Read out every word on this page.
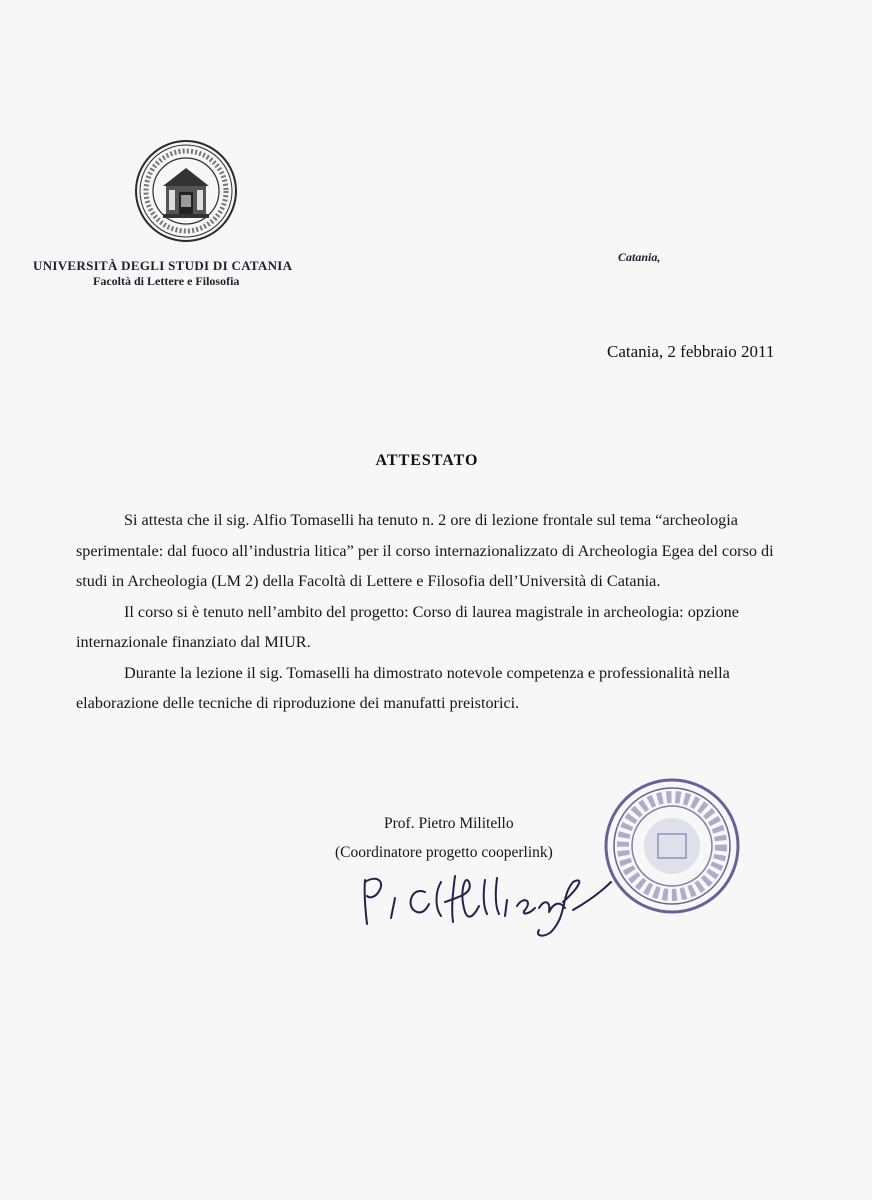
UNIVERSITÀ DEGLI STUDI DI CATANIA
Facoltà di Lettere e Filosofia
Catania,
Catania, 2 febbraio 2011
ATTESTATO

Si attesta che il sig. Alfio Tomaselli ha tenuto n. 2 ore di lezione frontale sul tema “archeologia sperimentale: dal fuoco all’industria litica” per il corso internazionalizzato di Archeologia Egea del corso di studi in Archeologia (LM 2) della Facoltà di Lettere e Filosofia dell’Università di Catania.

Il corso si è tenuto nell’ambito del progetto: Corso di laurea magistrale in archeologia: opzione internazionale finanziato dal MIUR.

Durante la lezione il sig. Tomaselli ha dimostrato notevole competenza e professionalità nella elaborazione delle tecniche di riproduzione dei manufatti preistorici.

Prof. Pietro Militello
(Coordinatore progetto cooperlink)
